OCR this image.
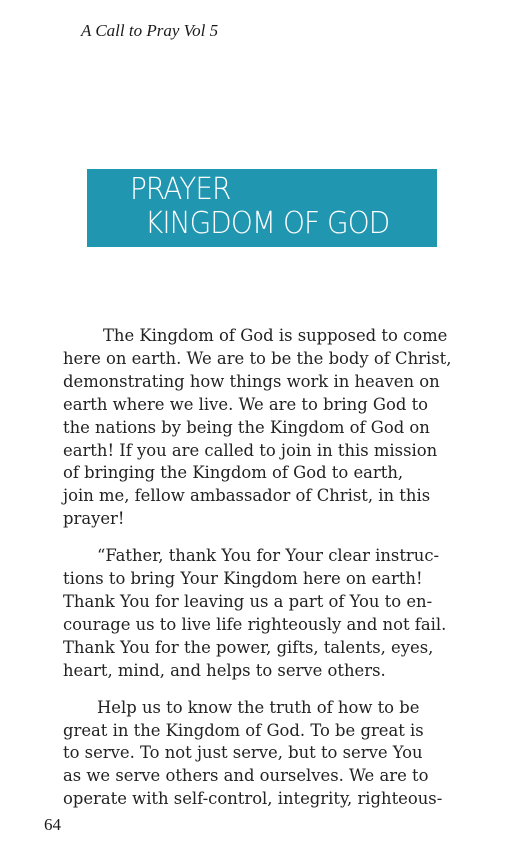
A Call to Pray Vol 5
PRAYER
KINGDOM OF GOD

The Kingdom of God is supposed to come
here on earth. We are to be the body of Christ,
demonstrating how things work in heaven on
earth where we live. We are to bring God to
the nations by being the Kingdom of God on
earth! If you are called to join in this mission
of bringing the Kingdom of God to earth,
join me, fellow ambassador of Christ, in this
prayer!

“Father, thank You for Your clear instruc-
tions to bring Your Kingdom here on earth!
Thank You for leaving us a part of You to en-
courage us to live life righteously and not fail.
Thank You for the power, gifts, talents, eyes,
heart, mind, and helps to serve others.

Help us to know the truth of how to be
great in the Kingdom of God. To be great is
to serve. To not just serve, but to serve You
as we serve others and ourselves. We are to
operate with self-control, integrity, righteous-

64
